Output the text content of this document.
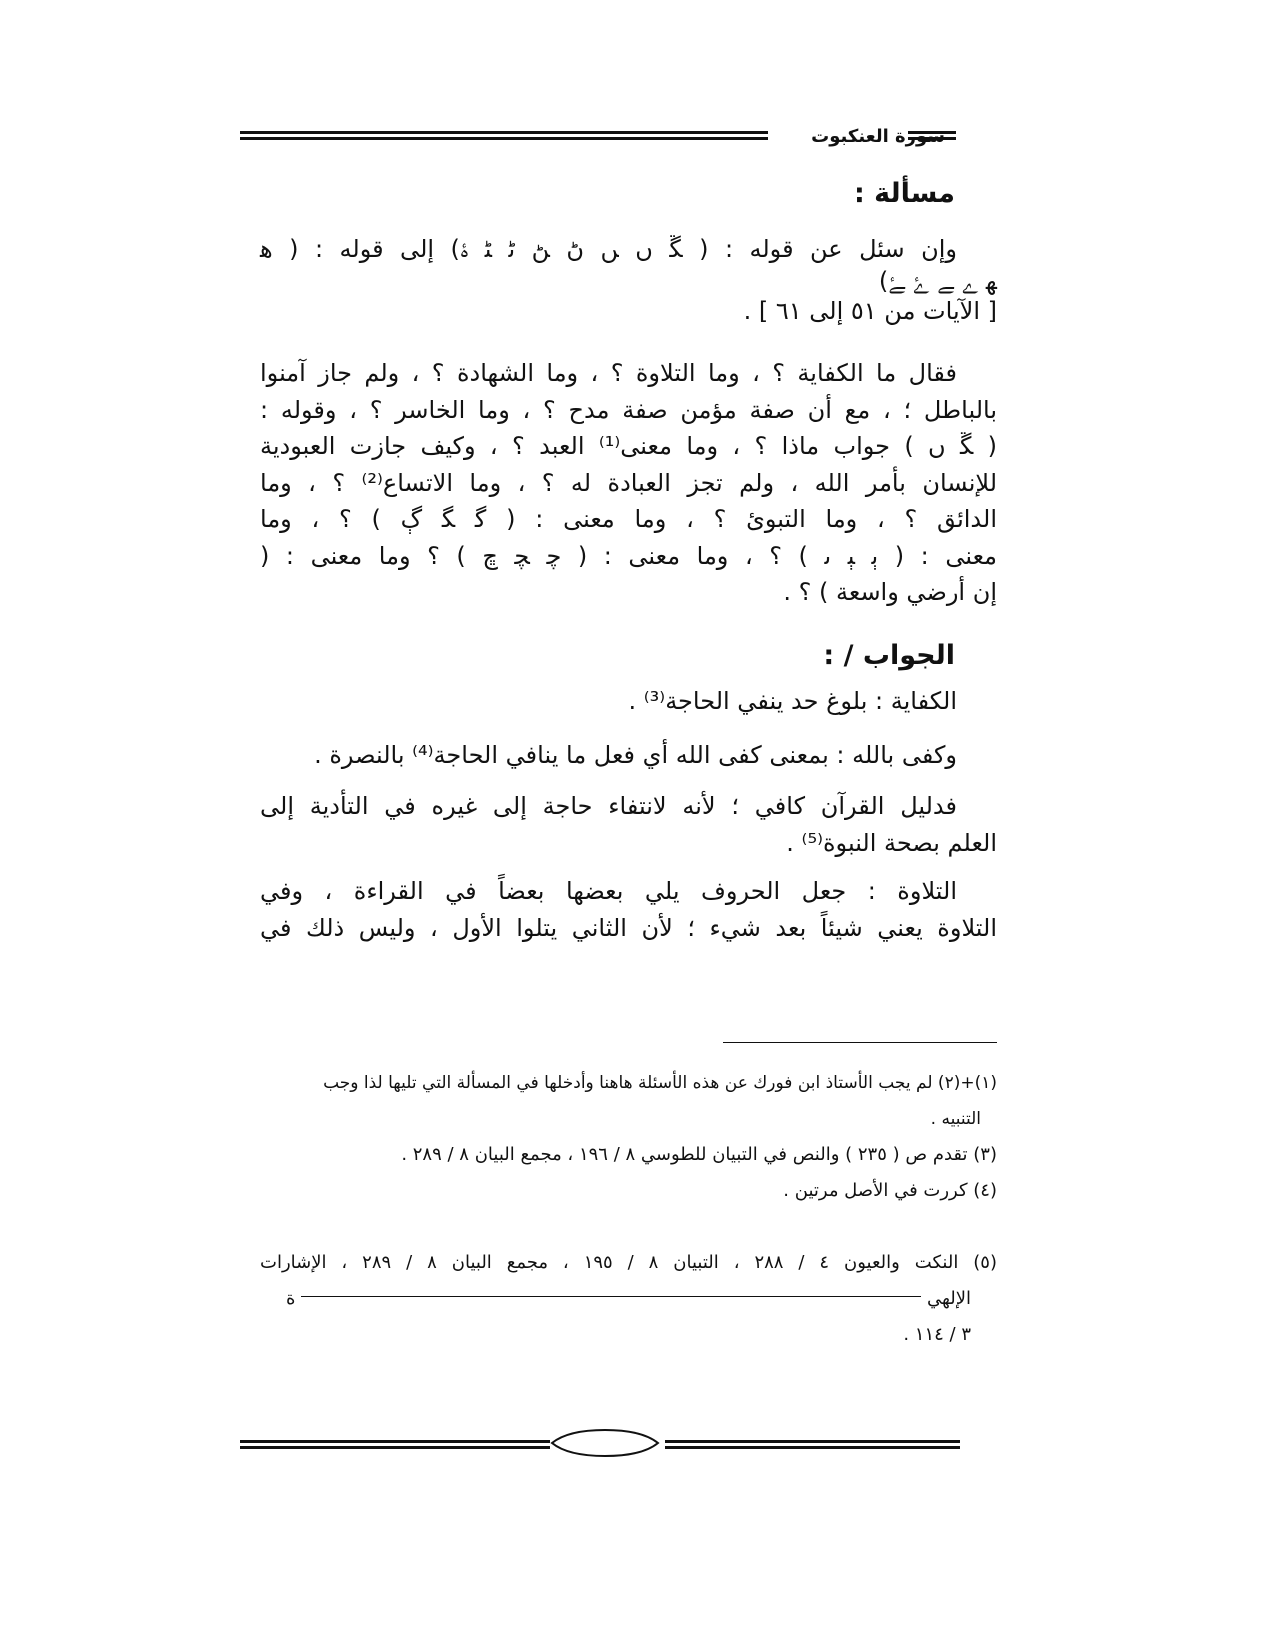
سورة العنكبوت
مسألة :
وإن سئل عن قوله : ( ﮝ ﮞ ﮟ ﮠ ﮡ ﮢ ﮣ ﮤ) إلى قوله : ( ﮬ
ﮭ ﮮ ﮯ ﮰ ﮱ)
[ الآيات من ٥١ إلى ٦١ ] .
فقال ما الكفاية ؟ ، وما التلاوة ؟ ، وما الشهادة ؟ ، ولم جاز آمنوا
بالباطل ؛ ، مع أن صفة مؤمن صفة مدح ؟ ، وما الخاسر ؟ ، وقوله :
( ﮝ ﮞ ) جواب ماذا ؟ ، وما معنى⁽¹⁾ العبد ؟ ، وكيف جازت العبودية
للإنسان بأمر الله ، ولم تجز العبادة له ؟ ، وما الاتساع⁽²⁾ ؟ ، وما
الدائق ؟ ، وما التبوئ ؟ ، وما معنى : ( ﮔ ﮕ ﮖ ) ؟ ، وما
معنى : ( ﯦ ﯧ ﯨ ) ؟ ، وما معنى : ( ﭼ ﭽ ﭾ ) ؟ وما معنى : (
إن أرضي واسعة ) ؟ .
الجواب / :
الكفاية : بلوغ حد ينفي الحاجة⁽³⁾ .
وكفى بالله : بمعنى كفى الله أي فعل ما ينافي الحاجة⁽⁴⁾ بالنصرة .
فدليل القرآن كافي ؛ لأنه لانتفاء حاجة إلى غيره في التأدية إلى
العلم بصحة النبوة⁽⁵⁾ .
التلاوة : جعل الحروف يلي بعضها بعضاً في القراءة ، وفي
التلاوة يعني شيئاً بعد شيء ؛ لأن الثاني يتلوا الأول ، وليس ذلك في
(١)+(٢) لم يجب الأستاذ ابن فورك عن هذه الأسئلة هاهنا وأدخلها في المسألة التي تليها لذا وجب
التنبيه .
(٣) تقدم ص ( ٢٣٥ ) والنص في التبيان للطوسي ٨ / ١٩٦ ، مجمع البيان ٨ / ٢٨٩ .
(٤) كررت في الأصل مرتين .
(٥) النكت والعيون ٤ / ٢٨٨ ، التبيان ٨ / ١٩٥ ، مجمع البيان ٨ / ٢٨٩ ، الإشارات
الإلهي  ة
٣ / ١١٤ .
